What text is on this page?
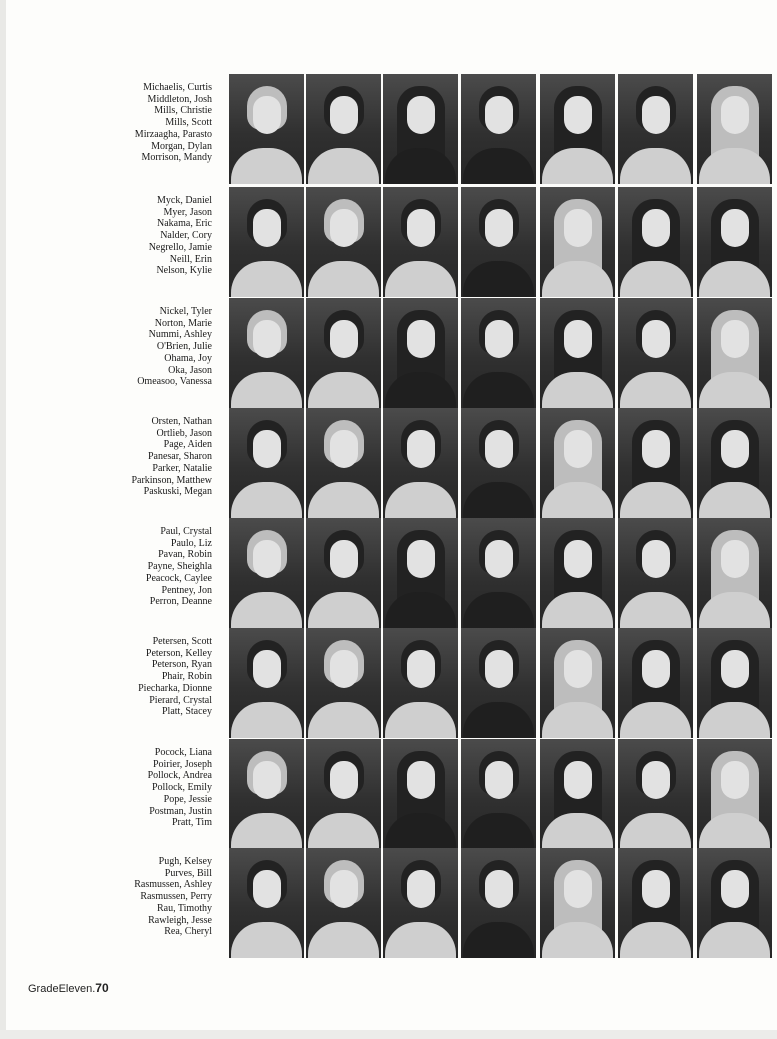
Michaelis, Curtis
Middleton, Josh
Mills, Christie
Mills, Scott
Mirzaagha, Parasto
Morgan, Dylan
Morrison, Mandy
Myck, Daniel
Myer, Jason
Nakama, Eric
Nalder, Cory
Negrello, Jamie
Neill, Erin
Nelson, Kylie
Nickel, Tyler
Norton, Marie
Nummi, Ashley
O'Brien, Julie
Ohama, Joy
Oka, Jason
Omeasoo, Vanessa
Orsten, Nathan
Ortlieb, Jason
Page, Aiden
Panesar, Sharon
Parker, Natalie
Parkinson, Matthew
Paskuski, Megan
Paul, Crystal
Paulo, Liz
Pavan, Robin
Payne, Sheighla
Peacock, Caylee
Pentney, Jon
Perron, Deanne
Petersen, Scott
Peterson, Kelley
Peterson, Ryan
Phair, Robin
Piecharka, Dionne
Pierard, Crystal
Platt, Stacey
Pocock, Liana
Poirier, Joseph
Pollock, Andrea
Pollock, Emily
Pope, Jessie
Postman, Justin
Pratt, Tim
Pugh, Kelsey
Purves, Bill
Rasmussen, Ashley
Rasmussen, Perry
Rau, Timothy
Rawleigh, Jesse
Rea, Cheryl
GradeEleven.70
